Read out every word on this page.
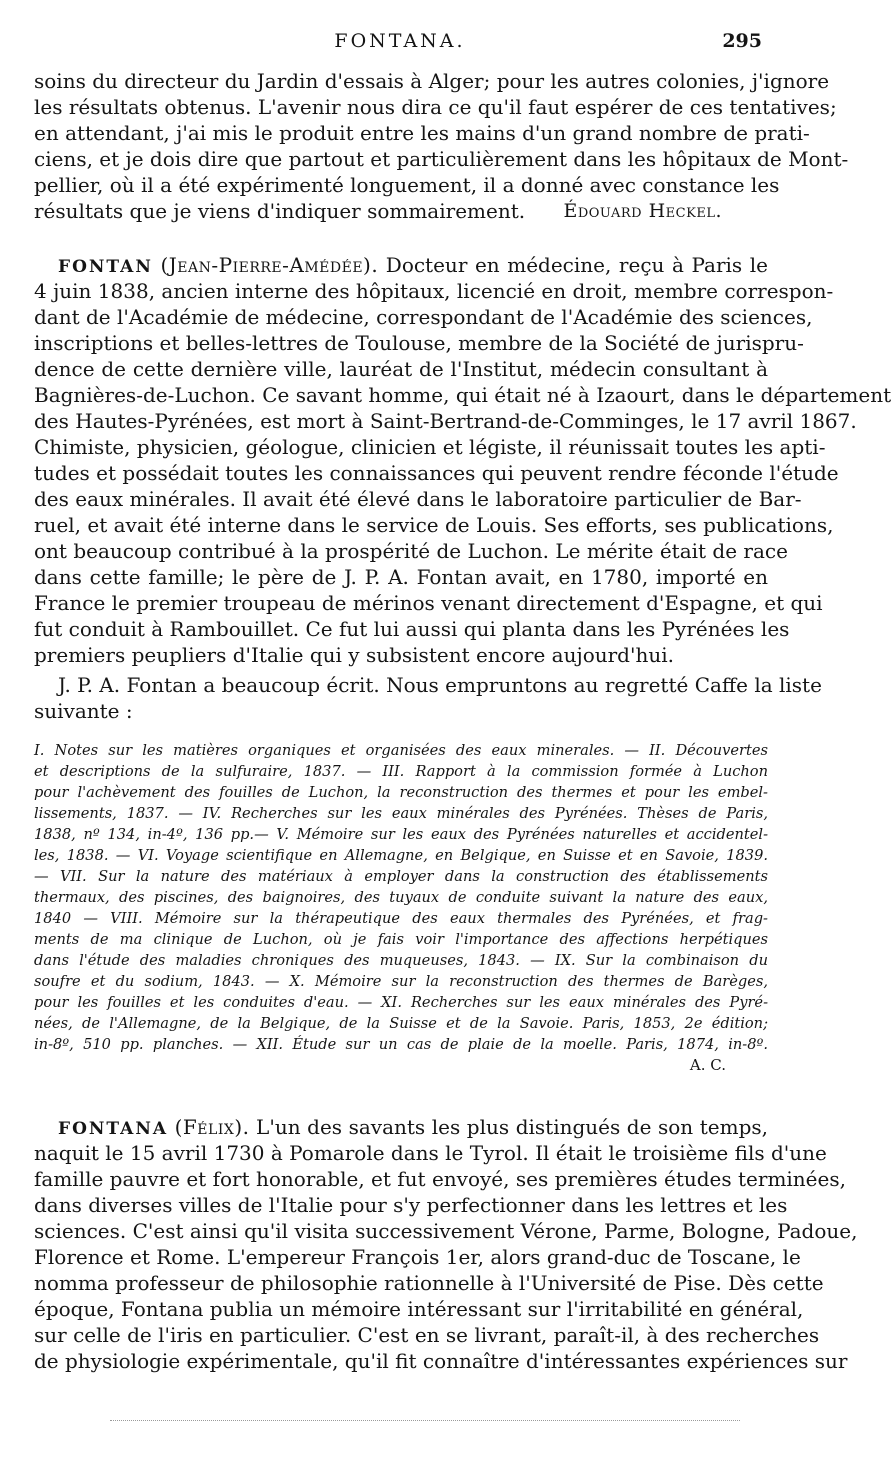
FONTANA.	295
soins du directeur du Jardin d'essais à Alger; pour les autres colonies, j'ignore
les résultats obtenus. L'avenir nous dira ce qu'il faut espérer de ces tentatives;
en attendant, j'ai mis le produit entre les mains d'un grand nombre de prati-
ciens, et je dois dire que partout et particulièrement dans les hôpitaux de Mont-
pellier, où il a été expérimenté longuement, il a donné avec constance les
résultats que je viens d'indiquer sommairement.	Édouard Heckel.
FONTAN (Jean-Pierre-Amédée). Docteur en médecine, reçu à Paris le
4 juin 1838, ancien interne des hôpitaux, licencié en droit, membre correspon-
dant de l'Académie de médecine, correspondant de l'Académie des sciences,
inscriptions et belles-lettres de Toulouse, membre de la Société de jurispru-
dence de cette dernière ville, lauréat de l'Institut, médecin consultant à
Bagnières-de-Luchon. Ce savant homme, qui était né à Izaourt, dans le département
des Hautes-Pyrénées, est mort à Saint-Bertrand-de-Comminges, le 17 avril 1867.
Chimiste, physicien, géologue, clinicien et légiste, il réunissait toutes les apti-
tudes et possédait toutes les connaissances qui peuvent rendre féconde l'étude
des eaux minérales. Il avait été élevé dans le laboratoire particulier de Bar-
ruel, et avait été interne dans le service de Louis. Ses efforts, ses publications,
ont beaucoup contribué à la prospérité de Luchon. Le mérite était de race
dans cette famille; le père de J. P. A. Fontan avait, en 1780, importé en
France le premier troupeau de mérinos venant directement d'Espagne, et qui
fut conduit à Rambouillet. Ce fut lui aussi qui planta dans les Pyrénées les
premiers peupliers d'Italie qui y subsistent encore aujourd'hui.
J. P. A. Fontan a beaucoup écrit. Nous empruntons au regretté Caffe la liste
suivante :
I. Notes sur les matières organiques et organisées des eaux minerales. — II. Découvertes
et descriptions de la sulfuraire, 1837. — III. Rapport à la commission formée à Luchon
pour l'achèvement des fouilles de Luchon, la reconstruction des thermes et pour les embel-
lissements, 1837. — IV. Recherches sur les eaux minérales des Pyrénées. Thèses de Paris,
1838, nº 134, in-4º, 136 pp.— V. Mémoire sur les eaux des Pyrénées naturelles et accidentel-
les, 1838. — VI. Voyage scientifique en Allemagne, en Belgique, en Suisse et en Savoie, 1839.
— VII. Sur la nature des matériaux à employer dans la construction des établissements
thermaux, des piscines, des baignoires, des tuyaux de conduite suivant la nature des eaux,
1840 — VIII. Mémoire sur la thérapeutique des eaux thermales des Pyrénées, et frag-
ments de ma clinique de Luchon, où je fais voir l'importance des affections herpétiques
dans l'étude des maladies chroniques des muqueuses, 1843. — IX. Sur la combinaison du
soufre et du sodium, 1843. — X. Mémoire sur la reconstruction des thermes de Barèges,
pour les fouilles et les conduites d'eau. — XI. Recherches sur les eaux minérales des Pyré-
nées, de l'Allemagne, de la Belgique, de la Suisse et de la Savoie. Paris, 1853, 2e édition;
in-8º, 510 pp. planches. — XII. Étude sur un cas de plaie de la moelle. Paris, 1874, in-8º.
A. C.
FONTANA (Félix). L'un des savants les plus distingués de son temps,
naquit le 15 avril 1730 à Pomarole dans le Tyrol. Il était le troisième fils d'une
famille pauvre et fort honorable, et fut envoyé, ses premières études terminées,
dans diverses villes de l'Italie pour s'y perfectionner dans les lettres et les
sciences. C'est ainsi qu'il visita successivement Vérone, Parme, Bologne, Padoue,
Florence et Rome. L'empereur François 1er, alors grand-duc de Toscane, le
nomma professeur de philosophie rationnelle à l'Université de Pise. Dès cette
époque, Fontana publia un mémoire intéressant sur l'irritabilité en général,
sur celle de l'iris en particulier. C'est en se livrant, paraît-il, à des recherches
de physiologie expérimentale, qu'il fit connaître d'intéressantes expériences sur
